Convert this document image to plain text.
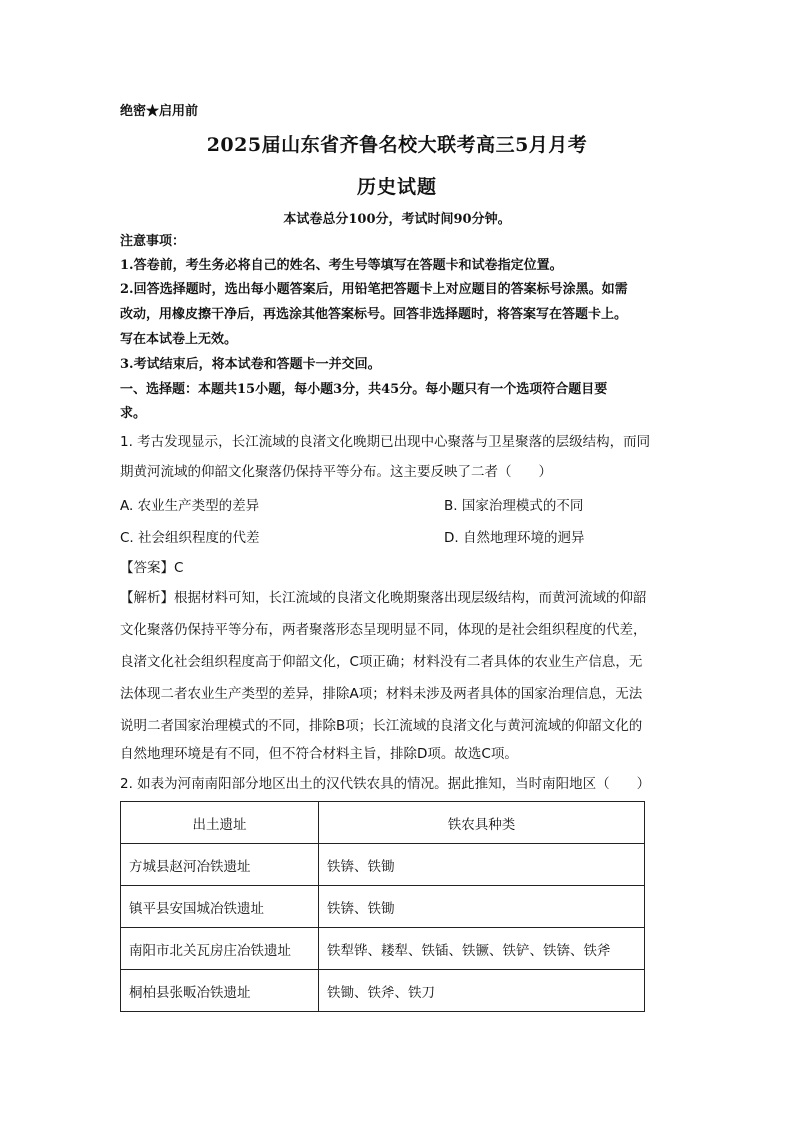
绝密★启用前
2025届山东省齐鲁名校大联考高三5月月考
历史试题
本试卷总分100分，考试时间90分钟。
注意事项：
1.答卷前，考生务必将自己的姓名、考生号等填写在答题卡和试卷指定位置。
2.回答选择题时，选出每小题答案后，用铅笔把答题卡上对应题目的答案标号涂黑。如需
改动，用橡皮擦干净后，再选涂其他答案标号。回答非选择题时，将答案写在答题卡上。
写在本试卷上无效。
3.考试结束后，将本试卷和答题卡一并交回。
一、选择题：本题共15小题，每小题3分，共45分。每小题只有一个选项符合题目要
求。
1. 考古发现显示，长江流域的良渚文化晚期已出现中心聚落与卫星聚落的层级结构，而同
期黄河流域的仰韶文化聚落仍保持平等分布。这主要反映了二者（　　）
A. 农业生产类型的差异	B. 国家治理模式的不同
C. 社会组织程度的代差	D. 自然地理环境的迥异
【答案】C
【解析】根据材料可知，长江流域的良渚文化晚期聚落出现层级结构，而黄河流域的仰韶
文化聚落仍保持平等分布，两者聚落形态呈现明显不同，体现的是社会组织程度的代差，
良渚文化社会组织程度高于仰韶文化，C项正确；材料没有二者具体的农业生产信息，无
法体现二者农业生产类型的差异，排除A项；材料未涉及两者具体的国家治理信息，无法
说明二者国家治理模式的不同，排除B项；长江流域的良渚文化与黄河流域的仰韶文化的
自然地理环境是有不同，但不符合材料主旨，排除D项。故选C项。
2. 如表为河南南阳部分地区出土的汉代铁农具的情况。据此推知，当时南阳地区（　　）
出土遗址	铁农具种类
方城县赵河冶铁遗址	铁锛、铁锄
镇平县安国城冶铁遗址	铁锛、铁锄
南阳市北关瓦房庄冶铁遗址	铁犁铧、耧犁、铁锸、铁镢、铁铲、铁锛、铁斧
桐柏县张畈冶铁遗址	铁锄、铁斧、铁刀
